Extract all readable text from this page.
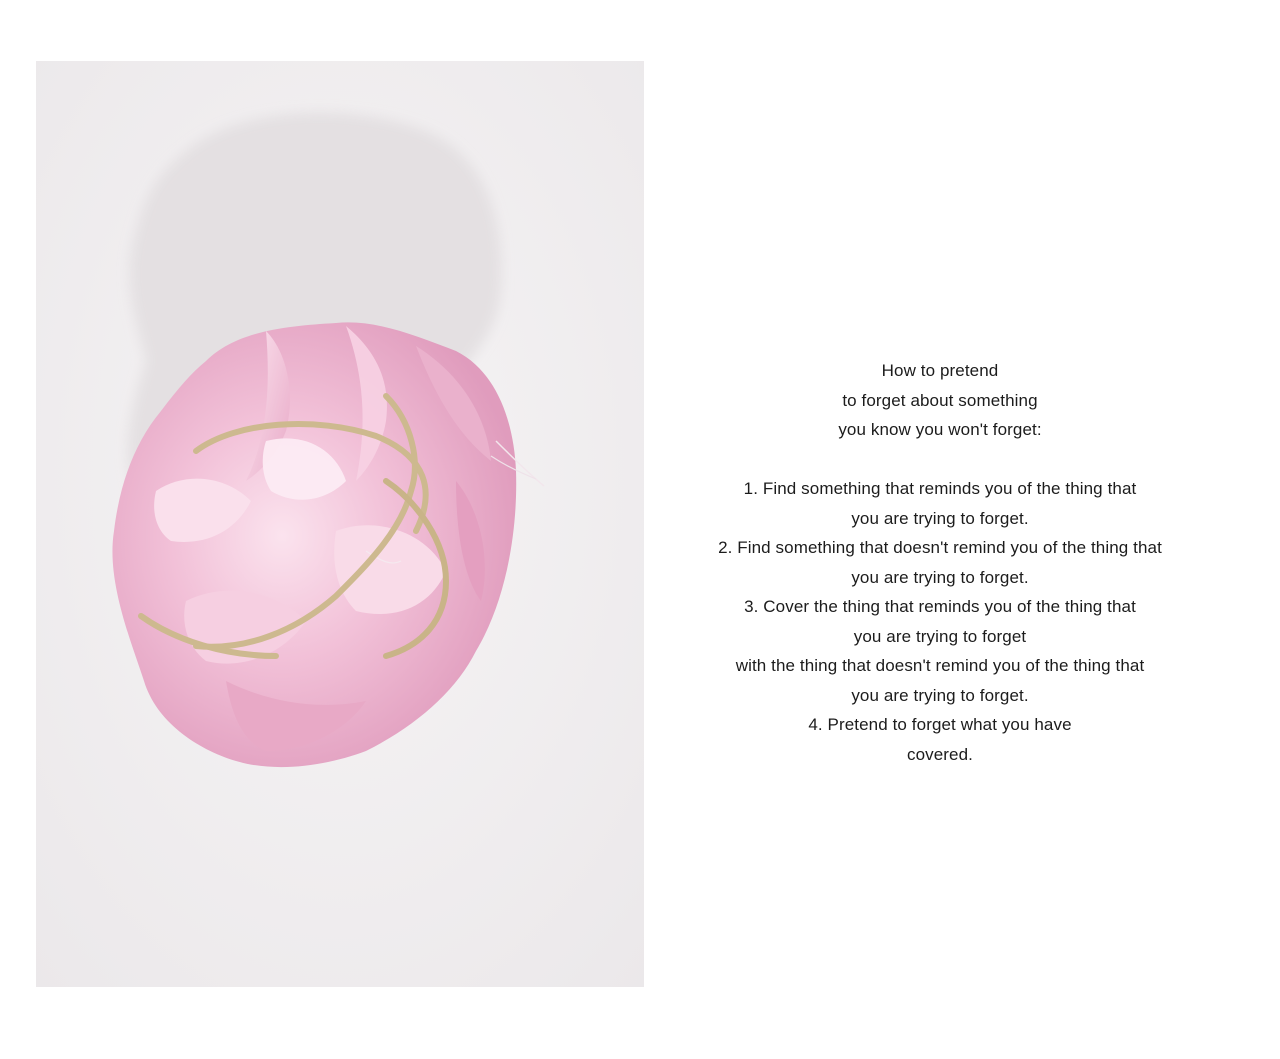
How to pretend
to forget about something
you know you won't forget:
1. Find something that reminds you of the thing that
you are trying to forget.
2. Find something that doesn't remind you of the thing that
you are trying to forget.
3. Cover the thing that reminds you of the thing that
you are trying to forget
with the thing that doesn't remind you of the thing that
you are trying to forget.
4. Pretend to forget what you have
covered.
